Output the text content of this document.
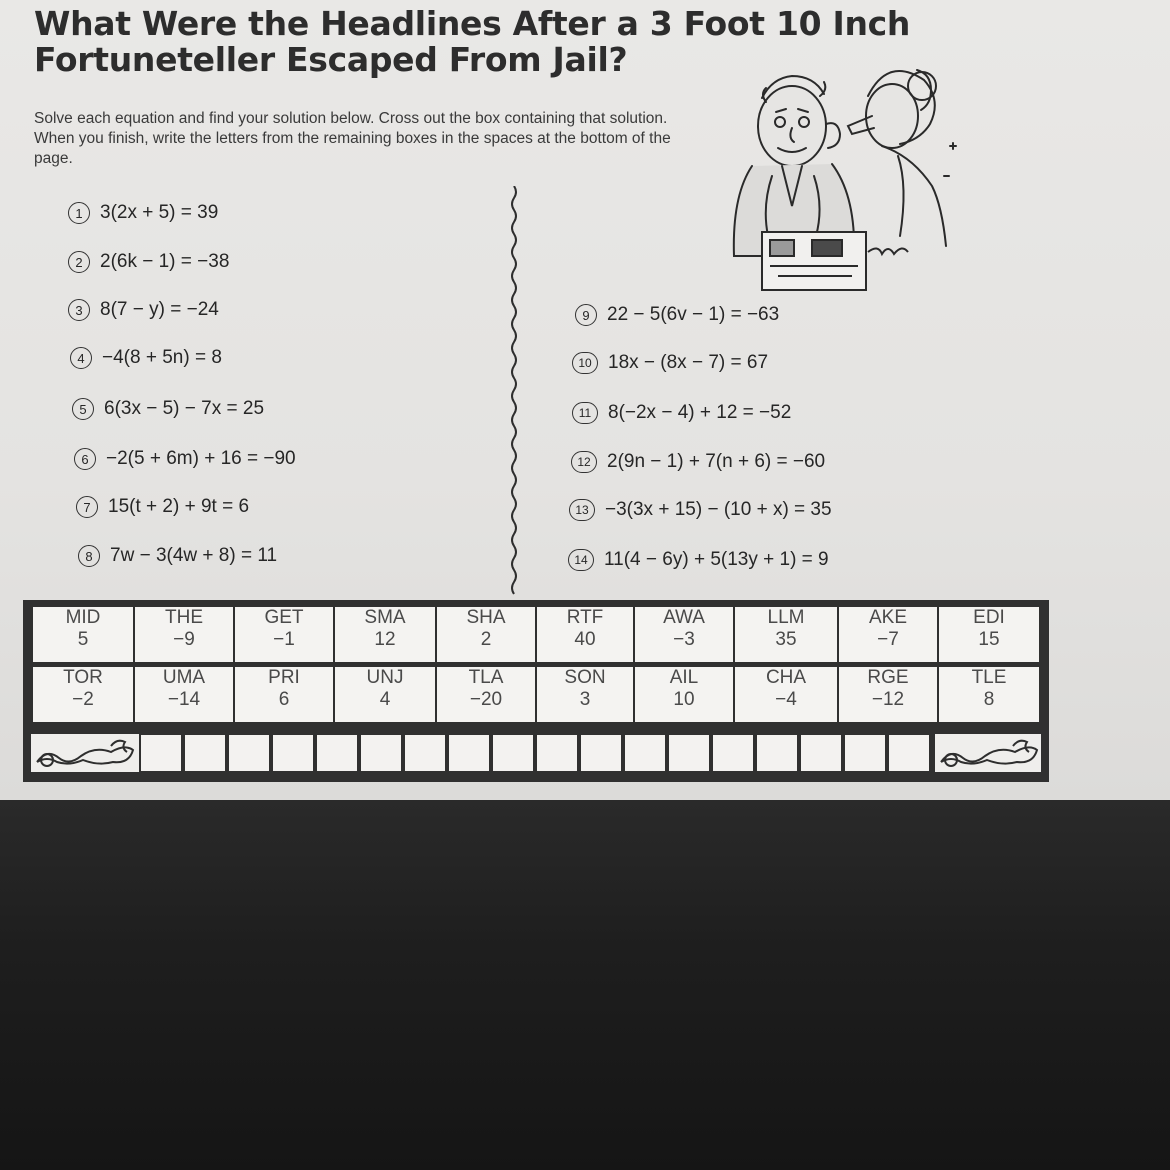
What Were the Headlines After a 3 Foot 10 Inch Fortuneteller Escaped From Jail?
Solve each equation and find your solution below. Cross out the box containing that solution. When you finish, write the letters from the remaining boxes in the spaces at the bottom of the page.
1 3(2x + 5) = 39
2 2(6k − 1) = −38
3 8(7 − y) = −24
4 −4(8 + 5n) = 8
5 6(3x − 5) − 7x = 25
6 −2(5 + 6m) + 16 = −90
7 15(t + 2) + 9t = 6
8 7w − 3(4w + 8) = 11
9 22 − 5(6v − 1) = −63
10 18x − (8x − 7) = 67
11 8(−2x − 4) + 12 = −52
12 2(9n − 1) + 7(n + 6) = −60
13 −3(3x + 15) − (10 + x) = 35
14 11(4 − 6y) + 5(13y + 1) = 9
MID
5
THE
−9
GET
−1
SMA
12
SHA
2
RTF
40
AWA
−3
LLM
35
AKE
−7
EDI
15
TOR
−2
UMA
−14
PRI
6
UNJ
4
TLA
−20
SON
3
AIL
10
CHA
−4
RGE
−12
TLE
8
